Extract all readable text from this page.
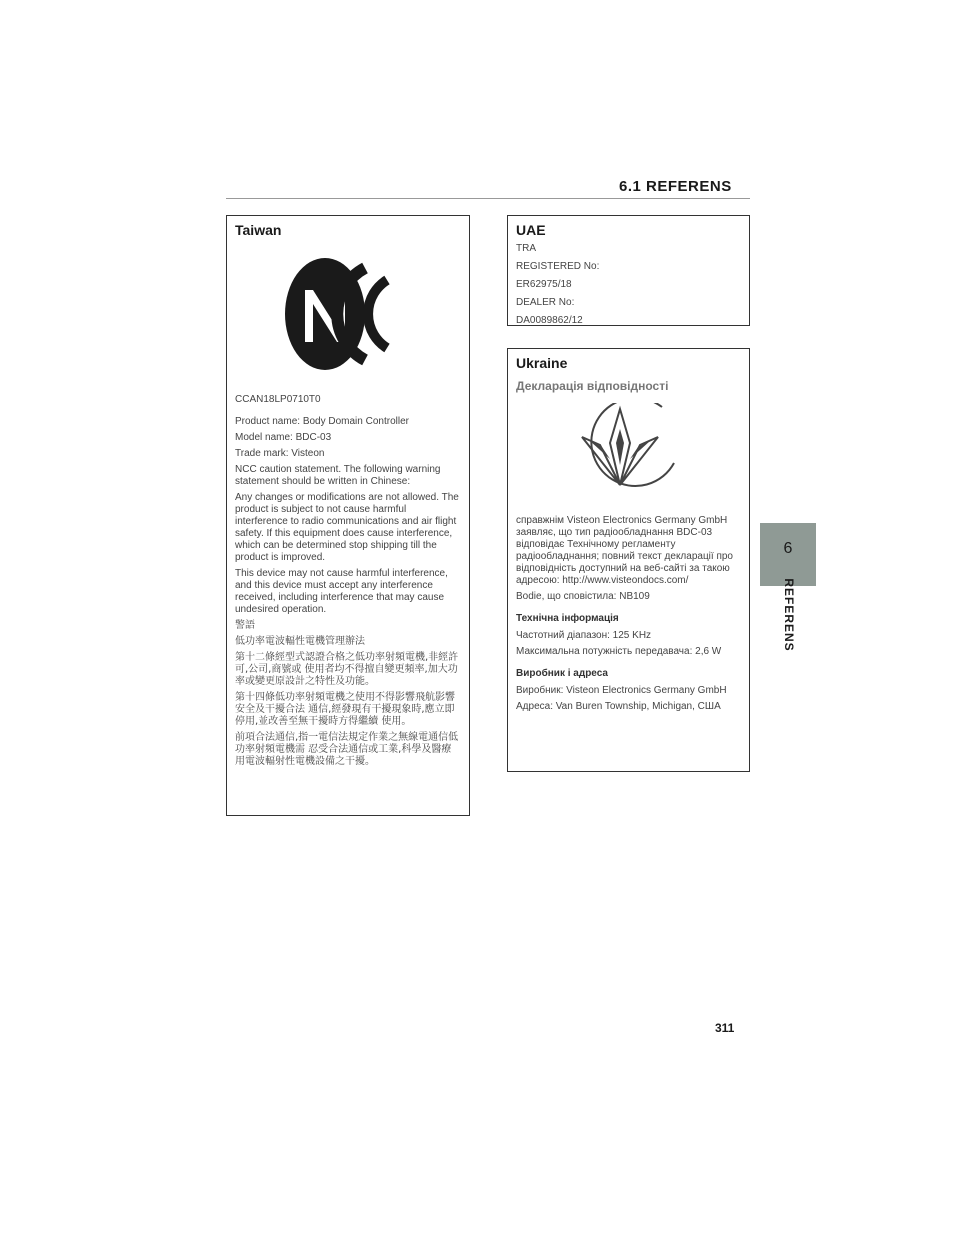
6.1 REFERENS
Taiwan

CCAN18LP0710T0

Product name: Body Domain Controller

Model name: BDC-03

Trade mark: Visteon

NCC caution statement. The following warning statement should be written in Chinese:

Any changes or modifications are not allowed. The product is subject to not cause harmful interference to radio communications and air flight safety. If this equipment does cause interference, which can be determined stop shipping till the product is improved.

This device may not cause harmful interference, and this device must accept any interference received, including interference that may cause undesired operation.

警語

低功率電波輻性電機管理辦法

第十二條經型式認證合格之低功率射頻電機,非經許可,公司,商號或 使用者均不得擅自變更頻率,加大功率或變更原設計之特性及功能。

第十四條低功率射頻電機之使用不得影響飛航影響安全及干擾合法 通信,經發現有干擾現象時,應立即停用,並改善至無干擾時方得繼續 使用。

前項合法通信,指一電信法規定作業之無線電通信低功率射頻電機需 忍受合法通信或工業,科學及醫療用電波輻射性電機設備之干擾。

UAE

TRA

REGISTERED No:

ER62975/18

DEALER No:

DA0089862/12

Ukraine
Декларація відповідності

справжнім Visteon Electronics Germany GmbH заявляє, що тип радіообладнання BDC-03 відповідає Технічному регламенту радіообладнання; повний текст декларації про відповідність доступний на веб-сайті за такою адресою: http://www.visteondocs.com/

Bodie, що сповістила: NB109

Технічна інформація

Частотний діапазон: 125 KHz

Максимальна потужність передавача: 2,6 W

Виробник і адреса

Виробник: Visteon Electronics Germany GmbH

Адреса: Van Buren Township, Michigan, США

6
REFERENS
311
